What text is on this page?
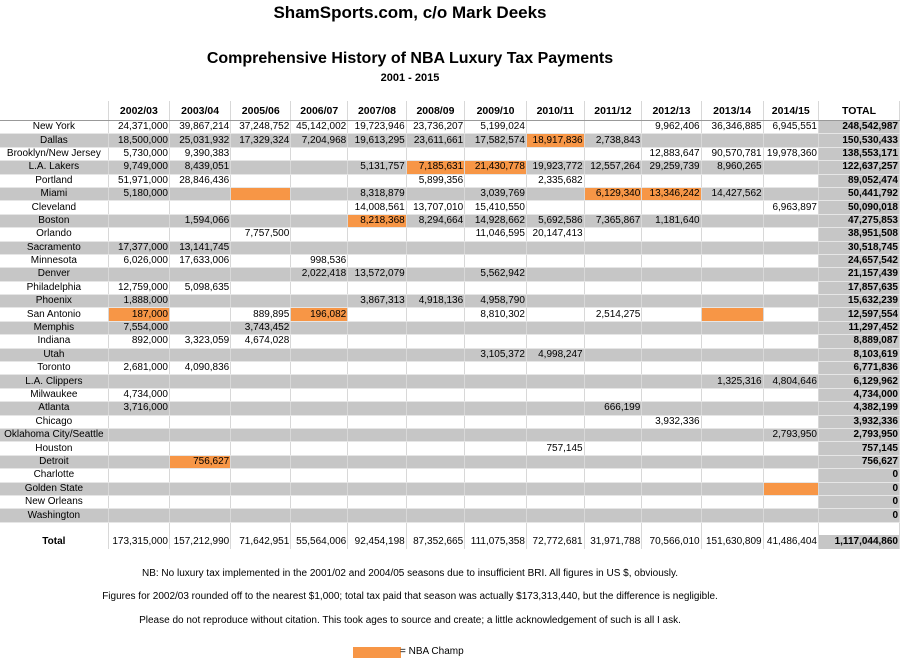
ShamSports.com, c/o Mark Deeks
Comprehensive History of NBA Luxury Tax Payments
2001 - 2015
	2002/03	2003/04	2005/06	2006/07	2007/08	2008/09	2009/10	2010/11	2011/12	2012/13	2013/14	2014/15	TOTAL
New York	24,371,000	39,867,214	37,248,752	45,142,002	19,723,946	23,736,207	5,199,024			9,962,406	36,346,885	6,945,551	248,542,987
Dallas	18,500,000	25,031,932	17,329,324	7,204,968	19,613,295	23,611,661	17,582,574	18,917,836	2,738,843				150,530,433
Brooklyn/New Jersey	5,730,000	9,390,383								12,883,647	90,570,781	19,978,360	138,553,171
L.A. Lakers	9,749,000	8,439,051			5,131,757	7,185,631	21,430,778	19,923,772	12,557,264	29,259,739	8,960,265		122,637,257
Portland	51,971,000	28,846,436				5,899,356		2,335,682					89,052,474
Miami	5,180,000				8,318,879		3,039,769		6,129,340	13,346,242	14,427,562		50,441,792
Cleveland					14,008,561	13,707,010	15,410,550					6,963,897	50,090,018
Boston		1,594,066			8,218,368	8,294,664	14,928,662	5,692,586	7,365,867	1,181,640			47,275,853
Orlando			7,757,500				11,046,595	20,147,413					38,951,508
Sacramento	17,377,000	13,141,745											30,518,745
Minnesota	6,026,000	17,633,006		998,536									24,657,542
Denver				2,022,418	13,572,079		5,562,942						21,157,439
Philadelphia	12,759,000	5,098,635											17,857,635
Phoenix	1,888,000				3,867,313	4,918,136	4,958,790						15,632,239
San Antonio	187,000		889,895	196,082			8,810,302		2,514,275				12,597,554
Memphis	7,554,000		3,743,452										11,297,452
Indiana	892,000	3,323,059	4,674,028										8,889,087
Utah							3,105,372	4,998,247					8,103,619
Toronto	2,681,000	4,090,836											6,771,836
L.A. Clippers											1,325,316	4,804,646	6,129,962
Milwaukee	4,734,000												4,734,000
Atlanta	3,716,000								666,199				4,382,199
Chicago										3,932,336			3,932,336
Oklahoma City/Seattle												2,793,950	2,793,950
Houston								757,145					757,145
Detroit		756,627											756,627
Charlotte													0
Golden State													0
New Orleans													0
Washington													0

Total	173,315,000	157,212,990	71,642,951	55,564,006	92,454,198	87,352,665	111,075,358	72,772,681	31,971,788	70,566,010	151,630,809	41,486,404	1,117,044,860
NB: No luxury tax implemented in the 2001/02 and 2004/05 seasons due to insufficient BRI. All figures in US $, obviously.
Figures for 2002/03 rounded off to the nearest $1,000; total tax paid that season was actually $173,313,440, but the difference is negligible.
Please do not reproduce without citation. This took ages to source and create; a little acknowledgement of such is all I ask.
= NBA Champ
